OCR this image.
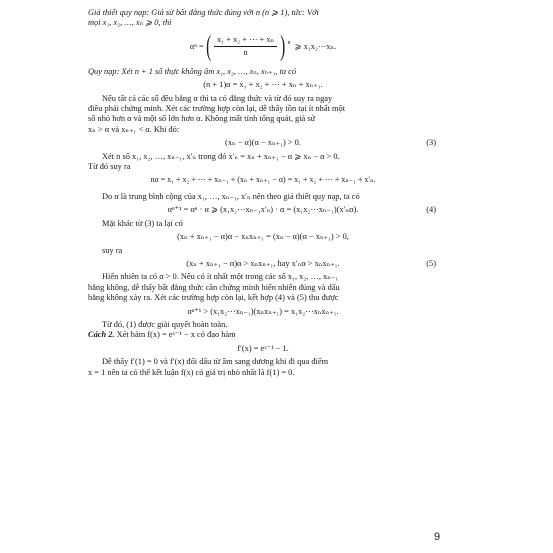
Giả thiết quy nạp: Giả sử bất đẳng thức đúng với n (n ⩾ 1), tức: Với

mọi x₁, x₂, …, xₙ ⩾ 0, thì

αⁿ = ( $\frac{\text{x₁ + x₂ + ⋯ + xₙ}}{n}$ ) n ⩾ x₁x₂⋯xₙ.

Quy nạp: Xét n + 1 số thực không âm x₁, x₂, …, xₙ, xₙ₊₁, ta có

(n + 1)α = x₁ + x₂ + ⋯ + xₙ + xₙ₊₁.

Nếu tất cả các số đều bằng α thì ta có đẳng thức và từ đó suy ra ngay

điều phải chứng minh. Xét các trường hợp còn lại, dễ thấy tồn tại ít nhất một

số nhỏ hơn α và một số lớn hơn α. Không mất tính tổng quát, giả sử

xₙ > α và xₙ₊₁ < α. Khi đó:

(xₙ − α)(α − xₙ₊₁) > 0.	(3)

Xét n số x₁, x₂, …, xₙ₋₁, x′ₙ trong đó x′ₙ = xₙ + xₙ₊₁ − α ⩾ xₙ − α > 0.

Từ đó suy ra

nα = x₁ + x₂ + ⋯ + xₙ₋₁ + (xₙ + xₙ₊₁ − α) = x₁ + x₂ + ⋯ + xₙ₋₁ + x′ₙ.

Do α là trung bình cộng của x₁, …, xₙ₋₁, x′ₙ nên theo giả thiết quy nạp, ta có

αⁿ⁺¹ = αⁿ · α ⩾ (x₁x₂⋯xₙ₋₁x′ₙ) · α = (x₁x₂⋯xₙ₋₁)(x′ₙα).	(4)

Mặt khác từ (3) ta lại có

(xₙ + xₙ₊₁ − α)α − xₙxₙ₊₁ = (xₙ − α)(α − xₙ₊₁) > 0,

suy ra

(xₙ + xₙ₊₁ − α)α > xₙxₙ₊₁, hay x′ₙα > xₙxₙ₊₁.	(5)

Hiển nhiên ta có α > 0. Nếu có ít nhất một trong các số x₁, x₂, …, xₙ₋₁

bằng không, dễ thấy bất đẳng thức cần chứng minh hiển nhiên đúng và dấu

bằng không xảy ra. Xét các trường hợp còn lại, kết hợp (4) và (5) thu được

αⁿ⁺¹ > (x₁x₂⋯xₙ₋₁)(xₙxₙ₊₁) = x₁x₂⋯xₙxₙ₊₁.

Từ đó, (1) được giải quyết hoàn toàn.

Cách 2. Xét hàm f(x) = eˣ⁻¹ − x có đạo hàm

f′(x) = eˣ⁻¹ − 1.

Dễ thấy f′(1) = 0 và f′(x) đổi dấu từ âm sang dương khi đi qua điểm

x = 1 nên ta có thể kết luận f(x) có giá trị nhỏ nhất là f(1) = 0.

9
